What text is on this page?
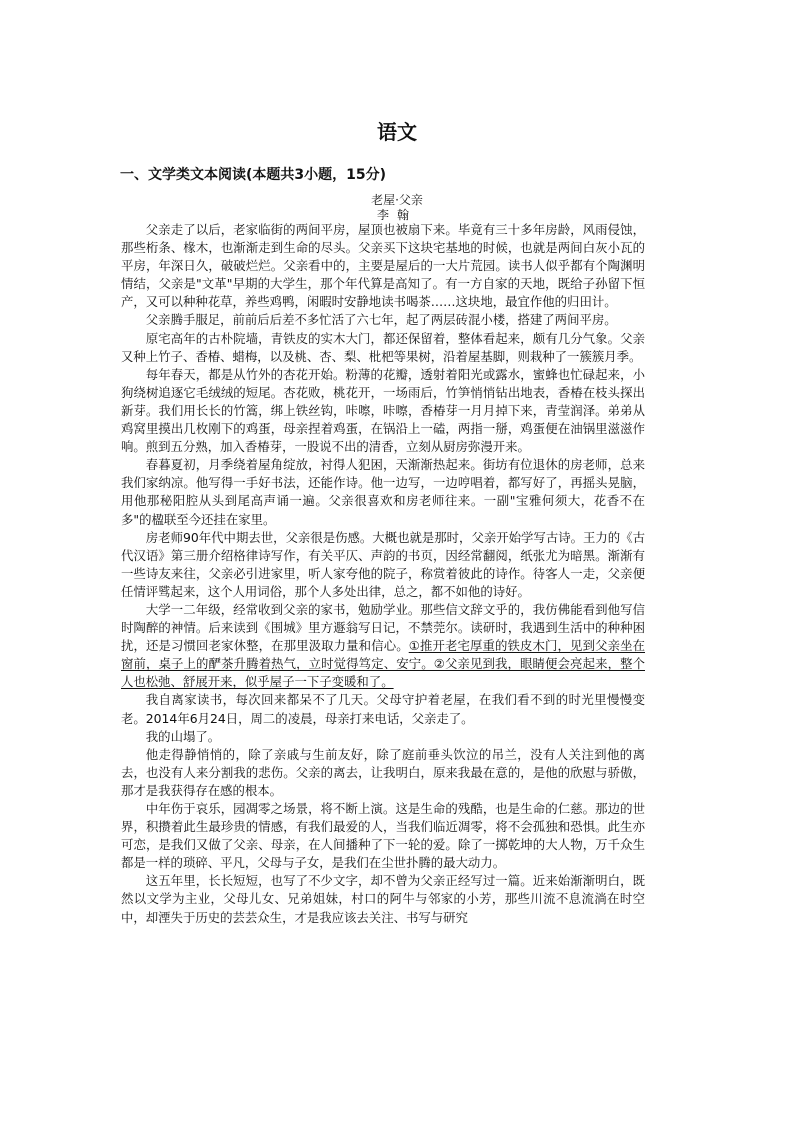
语文
一、文学类文本阅读(本题共3小题，15分)
老屋·父亲
李翰

父亲走了以后，老家临街的两间平房，屋顶也被扇下来。毕竟有三十多年房龄，风雨侵蚀，那些桁条、椽木，也渐渐走到生命的尽头。父亲买下这块宅基地的时候，也就是两间白灰小瓦的平房，年深日久，破破烂烂。父亲看中的，主要是屋后的一大片荒园。读书人似乎都有个陶渊明情结，父亲是"文革"早期的大学生，那个年代算是高知了。有一方自家的天地，既给子孙留下恒产，又可以种种花草，养些鸡鸭，闲暇时安静地读书喝茶……这块地，最宜作他的归田计。

父亲腾手服足，前前后后差不多忙活了六七年，起了两层砖混小楼，搭建了两间平房。

原宅高年的古朴院墙，青铁皮的实木大门，都还保留着，整体看起来，颇有几分气象。父亲又种上竹子、香椿、蜡梅，以及桃、杏、梨、枇杷等果树，沿着屋基脚，则栽种了一簇簇月季。

每年春天，都是从竹外的杏花开始。粉薄的花瓣，透射着阳光或露水，蜜蜂也忙碌起来，小狗绕树追逐它毛绒绒的短尾。杏花败，桃花开，一场雨后，竹笋悄悄钻出地表，香椿在枝头探出新芽。我们用长长的竹篙，绑上铁丝钩，咔嚓，咔嚓，香椿芽一月月掉下来，青莹润泽。弟弟从鸡窝里摸出几枚刚下的鸡蛋，母亲捏着鸡蛋，在锅沿上一磕，两指一掰，鸡蛋便在油锅里滋滋作响。煎到五分熟，加入香椿芽，一股说不出的清香，立刻从厨房弥漫开来。

春暮夏初，月季绕着屋角绽放，衬得人犯困，天渐渐热起来。街坊有位退休的房老师，总来我们家纳凉。他写得一手好书法，还能作诗。他一边写，一边哼唱着，都写好了，再摇头晃脑，用他那秘阳腔从头到尾高声诵一遍。父亲很喜欢和房老师往来。一副"宝雅何须大，花香不在多"的楹联至今还挂在家里。

房老师90年代中期去世，父亲很是伤感。大概也就是那时，父亲开始学写古诗。王力的《古代汉语》第三册介绍格律诗写作，有关平仄、声韵的书页，因经常翻阅，纸张尤为暗黑。渐渐有一些诗友来往，父亲必引进家里，听人家夸他的院子，称赏着彼此的诗作。待客人一走，父亲便任情评骘起来，这个人用词俗，那个人多处出律，总之，都不如他的诗好。

大学一二年级，经常收到父亲的家书，勉励学业。那些信文辞文乎的，我仿佛能看到他写信时陶醉的神情。后来读到《围城》里方遯翁写日记，不禁莞尔。读研时，我遇到生活中的种种困扰，还是习惯回老家休整，在那里汲取力量和信心。①推开老宅厚重的铁皮木门，见到父亲坐在窗前，桌子上的酽茶升腾着热气，立时觉得笃定、安宁。②父亲见到我，眼睛便会亮起来，整个人也松弛、舒展开来，似乎屋子一下子变暖和了。

我自离家读书，每次回来都呆不了几天。父母守护着老屋，在我们看不到的时光里慢慢变老。2014年6月24日，周二的凌晨，母亲打来电话，父亲走了。

我的山塌了。

他走得静悄悄的，除了亲戚与生前友好，除了庭前垂头饮泣的吊兰，没有人关注到他的离去，也没有人来分割我的悲伤。父亲的离去，让我明白，原来我最在意的，是他的欣慰与骄傲，那才是我获得存在感的根本。

中年伤于哀乐，园凋零之场景，将不断上演。这是生命的残酷，也是生命的仁慈。那边的世界，积攒着此生最珍贵的情感，有我们最爱的人，当我们临近凋零，将不会孤独和恐惧。此生亦可恋，是我们又做了父亲、母亲，在人间播种了下一轮的爱。除了一掷乾坤的大人物，万千众生都是一样的琐碎、平凡，父母与子女，是我们在尘世扑腾的最大动力。

这五年里，长长短短，也写了不少文字，却不曾为父亲正经写过一篇。近来始渐渐明白，既然以文学为主业，父母儿女、兄弟姐妹，村口的阿牛与邻家的小芳，那些川流不息流淌在时空中，却湮失于历史的芸芸众生，才是我应该去关注、书写与研究
